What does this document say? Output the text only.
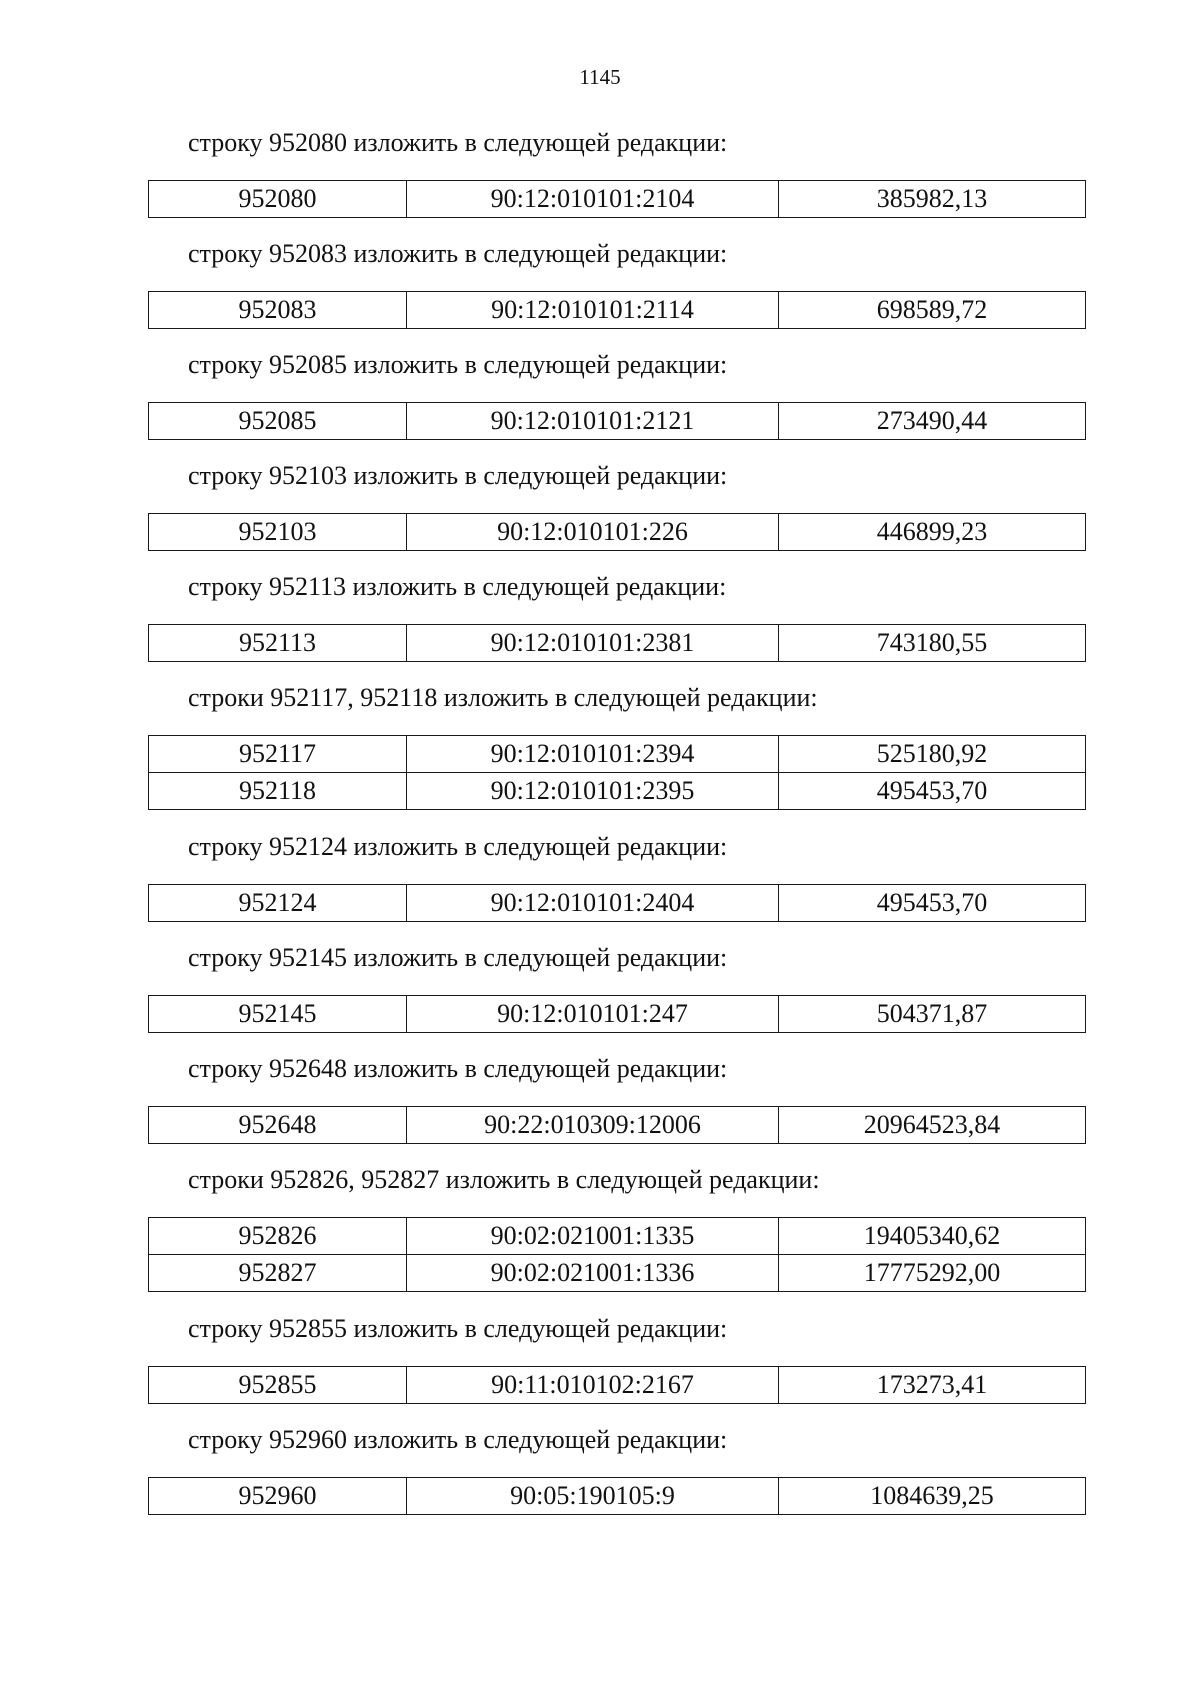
1145
строку 952080 изложить в следующей редакции:
952080	90:12:010101:2104	385982,13
строку 952083 изложить в следующей редакции:
952083	90:12:010101:2114	698589,72
строку 952085 изложить в следующей редакции:
952085	90:12:010101:2121	273490,44
строку 952103 изложить в следующей редакции:
952103	90:12:010101:226	446899,23
строку 952113 изложить в следующей редакции:
952113	90:12:010101:2381	743180,55
строки 952117, 952118 изложить в следующей редакции:
952117	90:12:010101:2394	525180,92
952118	90:12:010101:2395	495453,70
строку 952124 изложить в следующей редакции:
952124	90:12:010101:2404	495453,70
строку 952145 изложить в следующей редакции:
952145	90:12:010101:247	504371,87
строку 952648 изложить в следующей редакции:
952648	90:22:010309:12006	20964523,84
строки 952826, 952827 изложить в следующей редакции:
952826	90:02:021001:1335	19405340,62
952827	90:02:021001:1336	17775292,00
строку 952855 изложить в следующей редакции:
952855	90:11:010102:2167	173273,41
строку 952960 изложить в следующей редакции:
952960	90:05:190105:9	1084639,25
